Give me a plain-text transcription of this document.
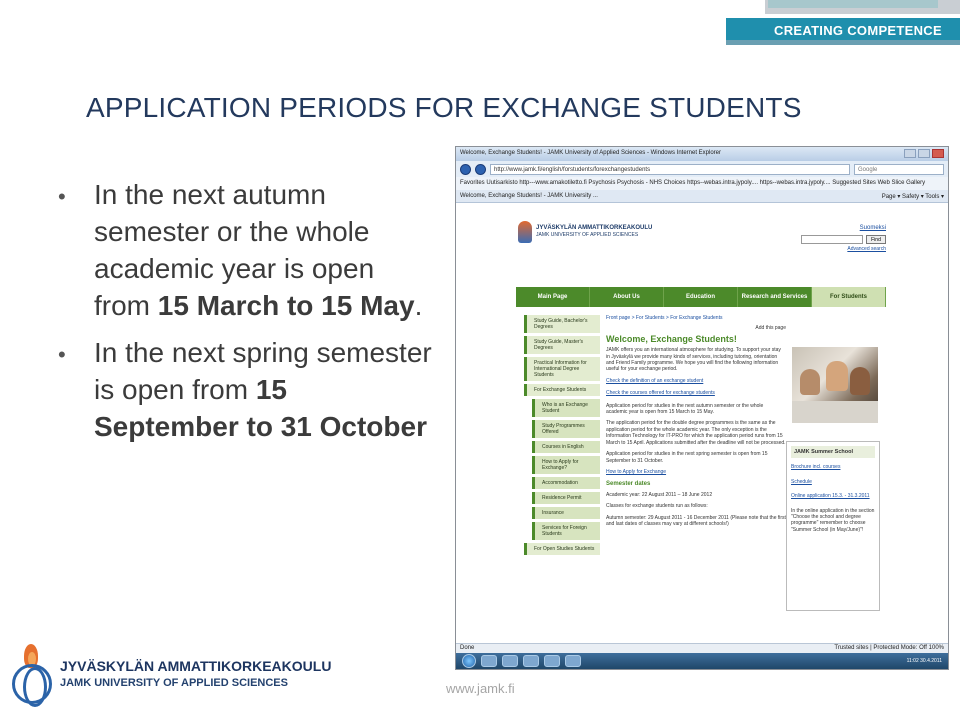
CREATING COMPETENCE
APPLICATION PERIODS FOR EXCHANGE STUDENTS
• In the next autumn semester or the whole academic year is open from 15 March to 15 May.
• In the next spring semester is open from 15 September to 31 October
Welcome, Exchange Students! - JAMK University of Applied Sciences - Windows Internet Explorer
http://www.jamk.fi/english/forstudents/forexchangestudents	Google
Favorites Uutisarkisto http---www.amakotiletto.fi Psychosis Psychosis - NHS Choices https--webas.intra.jypoly.... https--webas.intra.jypoly.... Suggested Sites Web Slice Gallery
Welcome, Exchange Students! - JAMK University ...	Page ▾ Safety ▾ Tools ▾
JYVÄSKYLÄN AMMATTIKORKEAKOULU
JAMK UNIVERSITY OF APPLIED SCIENCES
Suomeksi
Find
Advanced search
Main Page	About Us	Education	Research and Services	For Students
Study Guide, Bachelor's Degrees
Study Guide, Master's Degrees
Practical Information for International Degree Students
For Exchange Students
Who is an Exchange Student
Study Programmes Offered
Courses in English
How to Apply for Exchange?
Accommodation
Residence Permit
Insurance
Services for Foreign Students
For Open Studies Students
Front page > For Students > For Exchange Students
Add this page
Welcome, Exchange Students!

JAMK offers you an international atmosphere for studying. To support your stay in Jyväskylä we provide many kinds of services, including tutoring, orientation and Friend Family programme. We hope you will find the following information useful for your exchange period.

Check the definition of an exchange student
Check the courses offered for exchange students

Application period for studies in the next autumn semester or the whole academic year is open from 15 March to 15 May.

The application period for the double degree programmes is the same as the application period for the whole academic year. The only exception is the Information Technology for IT-PRO for which the application period runs from 15 March to 15 April. Applications submitted after the deadline will not be processed.

Application period for studies in the next spring semester is open from 15 September to 31 October.

How to Apply for Exchange
Semester dates

Academic year: 22 August 2011 – 18 June 2012

Classes for exchange students run as follows:

Autumn semester: 29 August 2011 - 16 December 2011 (Please note that the first and last dates of classes may vary at different schools!)

JAMK Summer School
Brochure incl. courses
Schedule
Online application 15.3. - 31.3.2011
In the online application in the section "Choose the school and degree programme" remember to choose "Summer School (in May/June)"!
Done	Trusted sites | Protected Mode: Off 100%
11:02 30.4.2011
JYVÄSKYLÄN AMMATTIKORKEAKOULU
JAMK UNIVERSITY OF APPLIED SCIENCES	www.jamk.fi
